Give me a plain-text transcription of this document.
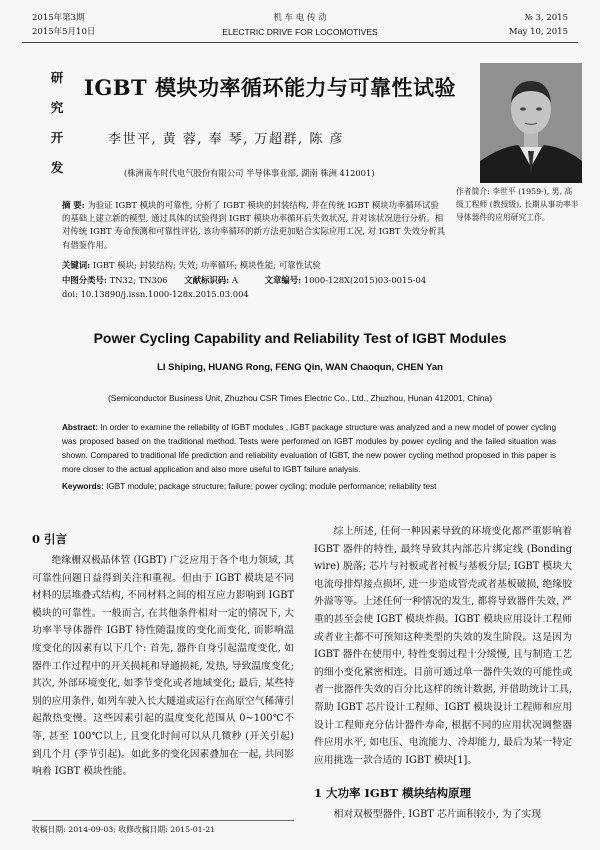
2015年第3期
2015年5月10日
机 车 电 传 动
ELECTRIC DRIVE FOR LOCOMOTIVES
№ 3, 2015
May 10, 2015
研
究
开
发
IGBT 模块功率循环能力与可靠性试验
李世平, 黄 蓉, 奉 琴, 万超群, 陈 彦
(株洲南车时代电气股份有限公司 半导体事业部, 湖南 株洲 412001)
作者简介: 李世平 (1959-), 男, 高级工程师 (教授级), 长期从事功率半导体器件的应用研究工作。
摘 要: 为验证 IGBT 模块的可靠性, 分析了 IGBT 模块的封装结构, 并在传统 IGBT 模块功率循环试验的基础上建立新的模型, 通过具体的试验得到 IGBT 模块功率循环后失效状况, 并对该状况进行分析。相对传统 IGBT 寿命预测和可靠性评估, 该功率循环的新方法更加贴合实际应用工况, 对 IGBT 失效分析具有借鉴作用。
关键词: IGBT 模块; 封装结构; 失效; 功率循环; 模块性能; 可靠性试验
中图分类号: TN32; TN306 文献标识码: A	文章编号: 1000-128X(2015)03-0015-04
doi: 10.13890/j.issn.1000-128x.2015.03.004
Power Cycling Capability and Reliability Test of IGBT Modules
LI Shiping, HUANG Rong, FENG Qin, WAN Chaoqun, CHEN Yan
(Semiconductor Business Unit, Zhuzhou CSR Times Electric Co., Ltd., Zhuzhou, Hunan 412001, China)
Abstract: In order to examine the reliability of IGBT modules , IGBT package structure was analyzed and a new model of power cycling was proposed based on the traditional method. Tests were performed on IGBT modules by power cycling and the failed situation was shown. Compared to traditional life prediction and reliability evaluation of IGBT, the new power cycling method proposed in this paper is more closer to the actual application and also more useful to IGBT failure analysis.
Keywords: IGBT module; package structure; failure; power cycling; module performance; reliability test
0 引言

绝缘栅双极晶体管 (IGBT) 广泛应用于各个电力领域, 其可靠性问题日益得到关注和重视。但由于 IGBT 模块是不同材料的层堆叠式结构, 不同材料之间的相互应力影响到 IGBT 模块的可靠性。一般而言, 在其他条件相对一定的情况下, 大功率半导体器件 IGBT 特性随温度的变化而变化, 而影响温度变化的因素有以下几个: 首先, 器件自身引起温度变化, 如器件工作过程中的开关损耗和导通损耗, 发热, 导致温度变化; 其次, 外部环境变化, 如季节变化或者地域变化; 最后, 某些特别的应用条件, 如列车驶入长大隧道或运行在高原空气稀薄引起散热变慢。这些因素引起的温度变化范围从 0~100℃不等, 甚至 100℃以上, 且变化时间可以从几微秒 (开关引起) 到几个月 (季节引起)。如此多的变化因素叠加在一起, 共同影响着 IGBT 模块性能。

综上所述, 任何一种因素导致的环境变化都严重影响着 IGBT 器件的特性, 最终导致其内部芯片绑定线 (Bonding wire) 脱落; 芯片与衬板或者衬板与基板分层; IGBT 模块大电流母排焊接点损坏, 进一步造成管壳或者基板破损, 绝缘胶外溢等等。上述任何一种情况的发生, 都将导致器件失效, 严重的甚至会使 IGBT 模块炸损。IGBT 模块应用设计工程师或者业主都不可预知这种类型的失效的发生阶段。这是因为 IGBT 器件在使用中, 特性变弱过程十分缓慢, 且与制造工艺的细小变化紧密相连。目前可通过单一器件失效的可能性或者一批器件失效的百分比这样的统计数据, 并借助统计工具, 帮助 IGBT 芯片设计工程师、IGBT 模块设计工程师和应用设计工程师充分估计器件寿命, 根据不同的应用状况调整器件应用水平, 如电压、电流能力、冷却能力, 最后为某一特定应用挑选一款合适的 IGBT 模块[1]。

1 大功率 IGBT 模块结构原理

相对双极型器件, IGBT 芯片面积较小, 为了实现

收稿日期: 2014-09-03; 收修改稿日期: 2015-01-21
